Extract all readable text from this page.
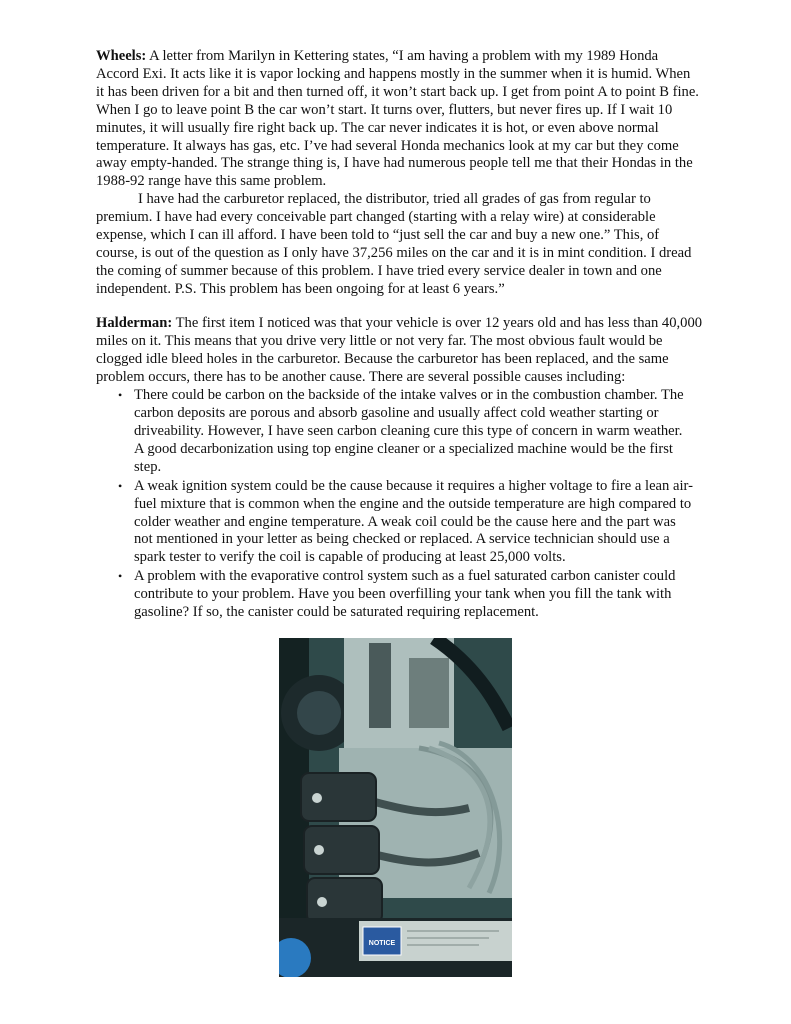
Wheels: A letter from Marilyn in Kettering states, “I am having a problem with my 1989 Honda
Accord Exi. It acts like it is vapor locking and happens mostly in the summer when it is humid. When
it has been driven for a bit and then turned off, it won’t start back up. I get from point A to point B fine.
When I go to leave point B the car won’t start. It turns over, flutters, but never fires up. If I wait 10
minutes, it will usually fire right back up. The car never indicates it is hot, or even above normal
temperature. It always has gas, etc. I’ve had several Honda mechanics look at my car but they come
away empty-handed. The strange thing is, I have had numerous people tell me that their Hondas in the
1988-92 range have this same problem.
I have had the carburetor replaced, the distributor, tried all grades of gas from regular to
premium. I have had every conceivable part changed (starting with a relay wire) at considerable
expense, which I can ill afford. I have been told to “just sell the car and buy a new one.” This, of
course, is out of the question as I only have 37,256 miles on the car and it is in mint condition. I dread
the coming of summer because of this problem. I have tried every service dealer in town and one
independent. P.S. This problem has been ongoing for at least 6 years.”
Halderman: The first item I noticed was that your vehicle is over 12 years old and has less than 40,000
miles on it. This means that you drive very little or not very far. The most obvious fault would be
clogged idle bleed holes in the carburetor. Because the carburetor has been replaced, and the same
problem occurs, there has to be another cause. There are several possible causes including:
• There could be carbon on the backside of the intake valves or in the combustion chamber. The
carbon deposits are porous and absorb gasoline and usually affect cold weather starting or
driveability. However, I have seen carbon cleaning cure this type of concern in warm weather.
A good decarbonization using top engine cleaner or a specialized machine would be the first
step.
• A weak ignition system could be the cause because it requires a higher voltage to fire a lean air-
fuel mixture that is common when the engine and the outside temperature are high compared to
colder weather and engine temperature. A weak coil could be the cause here and the part was
not mentioned in your letter as being checked or replaced. A service technician should use a
spark tester to verify the coil is capable of producing at least 25,000 volts.
• A problem with the evaporative control system such as a fuel saturated carbon canister could
contribute to your problem. Have you been overfilling your tank when you fill the tank with
gasoline? If so, the canister could be saturated requiring replacement.
NOTICE
